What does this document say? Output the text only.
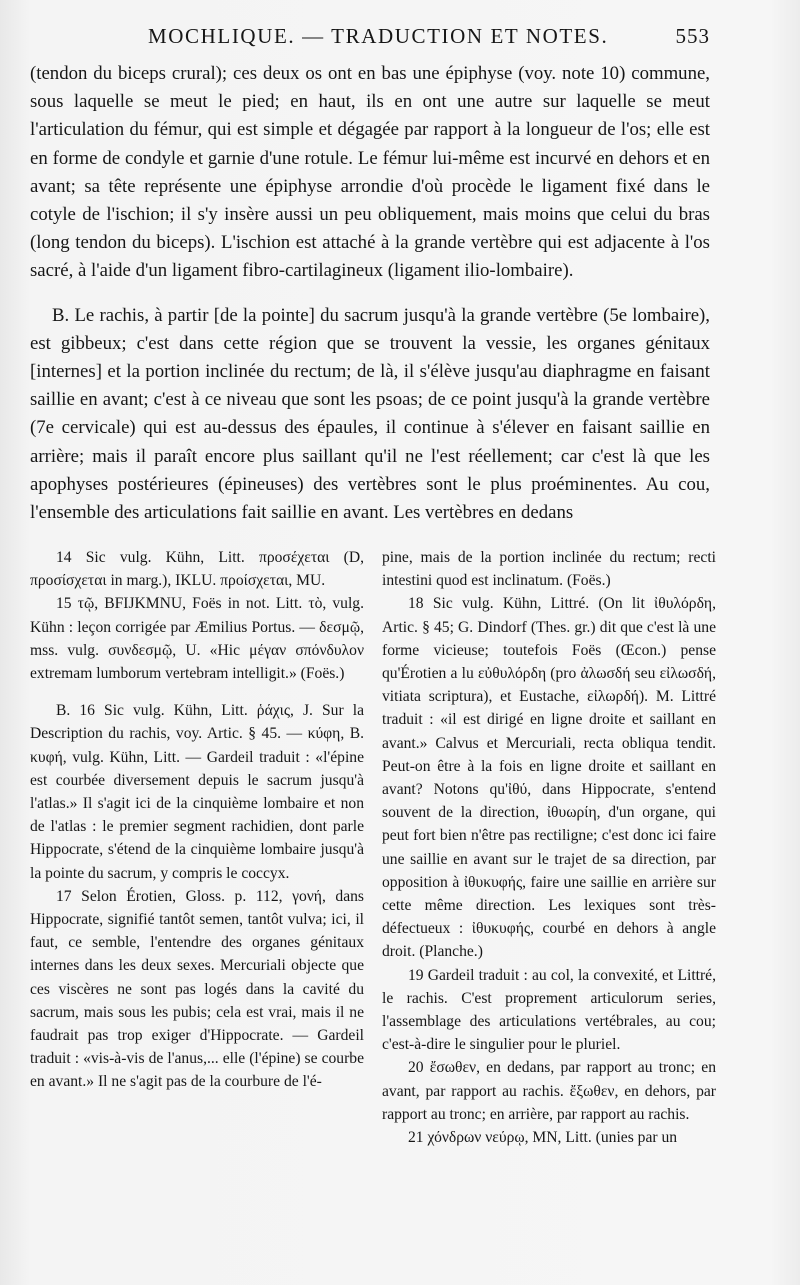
MOCHLIQUE. — TRADUCTION ET NOTES.	553

(tendon du biceps crural); ces deux os ont en bas une épiphyse (voy. note 10) commune, sous laquelle se meut le pied; en haut, ils en ont une autre sur laquelle se meut l'articulation du fémur, qui est simple et dégagée par rapport à la longueur de l'os; elle est en forme de condyle et garnie d'une rotule. Le fémur lui-même est incurvé en dehors et en avant; sa tête représente une épiphyse arrondie d'où procède le ligament fixé dans le cotyle de l'ischion; il s'y insère aussi un peu obliquement, mais moins que celui du bras (long tendon du biceps). L'ischion est attaché à la grande vertèbre qui est adjacente à l'os sacré, à l'aide d'un ligament fibro-cartilagineux (ligament ilio-lombaire).

B. Le rachis, à partir [de la pointe] du sacrum jusqu'à la grande vertèbre (5e lombaire), est gibbeux; c'est dans cette région que se trouvent la vessie, les organes génitaux [internes] et la portion inclinée du rectum; de là, il s'élève jusqu'au diaphragme en faisant saillie en avant; c'est à ce niveau que sont les psoas; de ce point jusqu'à la grande vertèbre (7e cervicale) qui est au-dessus des épaules, il continue à s'élever en faisant saillie en arrière; mais il paraît encore plus saillant qu'il ne l'est réellement; car c'est là que les apophyses postérieures (épineuses) des vertèbres sont le plus proéminentes. Au cou, l'ensemble des articulations fait saillie en avant. Les vertèbres en dedans

14 Sic vulg. Kühn, Litt. προσέχεται (D, προσίσχεται in marg.), IKLU. προίσχεται, MU.

15 τῷ, BFIJKMNU, Foës in not. Litt. τὸ, vulg. Kühn : leçon corrigée par Æmilius Portus. — δεσμῷ, mss. vulg. συνδεσμῷ, U. «Hic μέγαν σπόνδυλον extremam lumborum vertebram intelligit.» (Foës.)

B. 16 Sic vulg. Kühn, Litt. ῥάχις, J. Sur la Description du rachis, voy. Artic. § 45. — κύφη, B. κυφή, vulg. Kühn, Litt. — Gardeil traduit : «l'épine est courbée diversement depuis le sacrum jusqu'à l'atlas.» Il s'agit ici de la cinquième lombaire et non de l'atlas : le premier segment rachidien, dont parle Hippocrate, s'étend de la cinquième lombaire jusqu'à la pointe du sacrum, y compris le coccyx.

17 Selon Érotien, Gloss. p. 112, γονή, dans Hippocrate, signifié tantôt semen, tantôt vulva; ici, il faut, ce semble, l'entendre des organes génitaux internes dans les deux sexes. Mercuriali objecte que ces viscères ne sont pas logés dans la cavité du sacrum, mais sous les pubis; cela est vrai, mais il ne faudrait pas trop exiger d'Hippocrate. — Gardeil traduit : «vis-à-vis de l'anus,... elle (l'épine) se courbe en avant.» Il ne s'agit pas de la courbure de l'é-

pine, mais de la portion inclinée du rectum; recti intestini quod est inclinatum. (Foës.)

18 Sic vulg. Kühn, Littré. (On lit ἰθυλόρδη, Artic. § 45; G. Dindorf (Thes. gr.) dit que c'est là une forme vicieuse; toutefois Foës (Œcon.) pense qu'Érotien a lu εὐθυλόρδη (pro ἀλωσδή seu εἰλωσδή, vitiata scriptura), et Eustache, εἰλωρδή). M. Littré traduit : «il est dirigé en ligne droite et saillant en avant.» Calvus et Mercuriali, recta obliqua tendit. Peut-on être à la fois en ligne droite et saillant en avant? Notons qu'ἰθύ, dans Hippocrate, s'entend souvent de la direction, ἰθυωρίη, d'un organe, qui peut fort bien n'être pas rectiligne; c'est donc ici faire une saillie en avant sur le trajet de sa direction, par opposition à ἰθυκυφής, faire une saillie en arrière sur cette même direction. Les lexiques sont très-défectueux : ἰθυκυφής, courbé en dehors à angle droit. (Planche.)

19 Gardeil traduit : au col, la convexité, et Littré, le rachis. C'est proprement articulorum series, l'assemblage des articulations vertébrales, au cou; c'est-à-dire le singulier pour le pluriel.

20 ἔσωθεν, en dedans, par rapport au tronc; en avant, par rapport au rachis. ἔξωθεν, en dehors, par rapport au tronc; en arrière, par rapport au rachis.

21 χόνδρων νεύρῳ, MN, Litt. (unies par un
